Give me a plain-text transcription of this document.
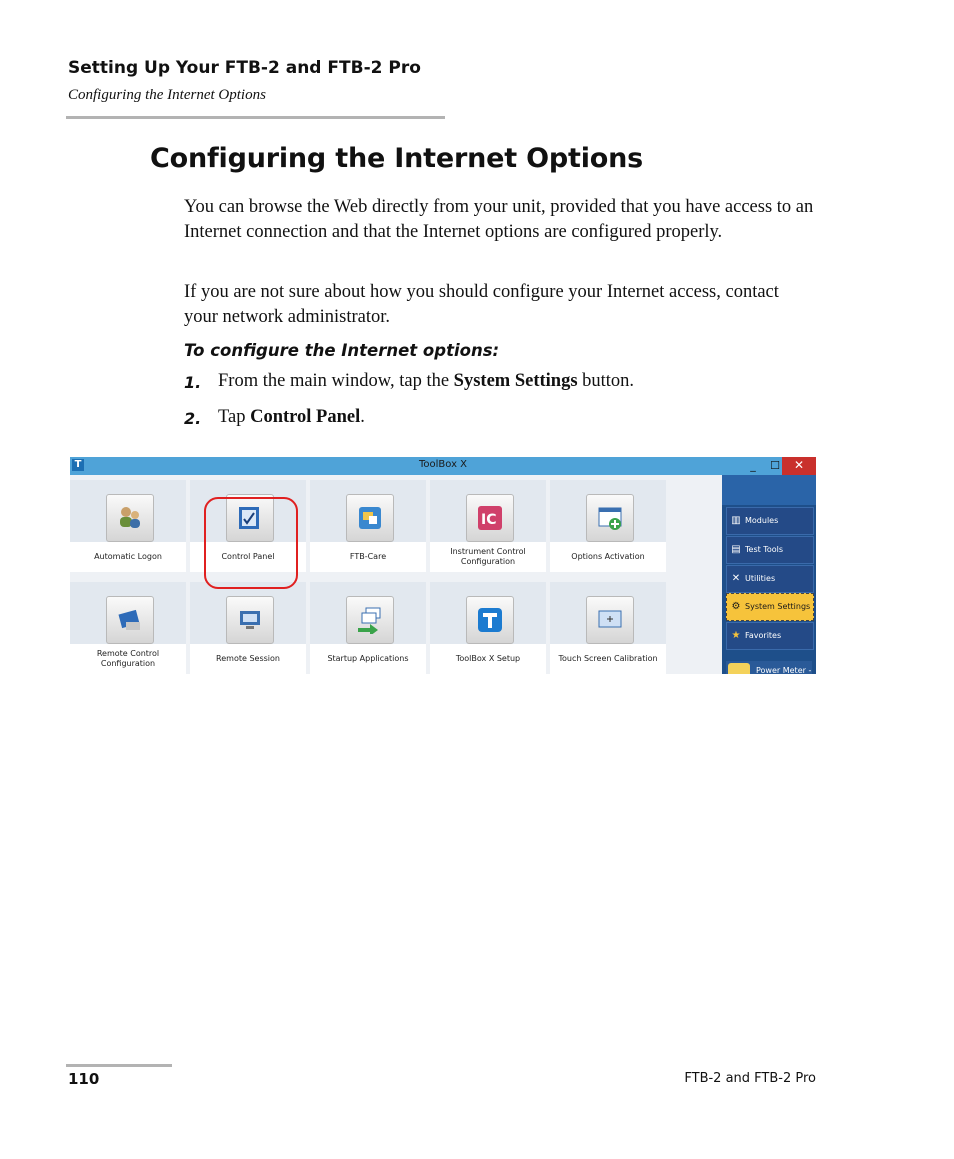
Setting Up Your FTB-2 and FTB-2 Pro
Configuring the Internet Options
Configuring the Internet Options

You can browse the Web directly from your unit, provided that you have access to an Internet connection and that the Internet options are configured properly.

If you are not sure about how you should configure your Internet access, contact your network administrator.

To configure the Internet options:
1. From the main window, tap the System Settings button.
2. Tap Control Panel.
T	ToolBox X	_	☐	✕
Automatic Logon	Control Panel	FTB-Care
IC
Instrument Control Configuration
Options Activation
Remote Control Configuration
Remote Session	Startup Applications	ToolBox X Setup	Touch Screen Calibration
▥ Modules
▤ Test Tools
✕ Utilities
⚙ System Settings
★ Favorites
Power Meter -
110	FTB-2 and FTB-2 Pro
